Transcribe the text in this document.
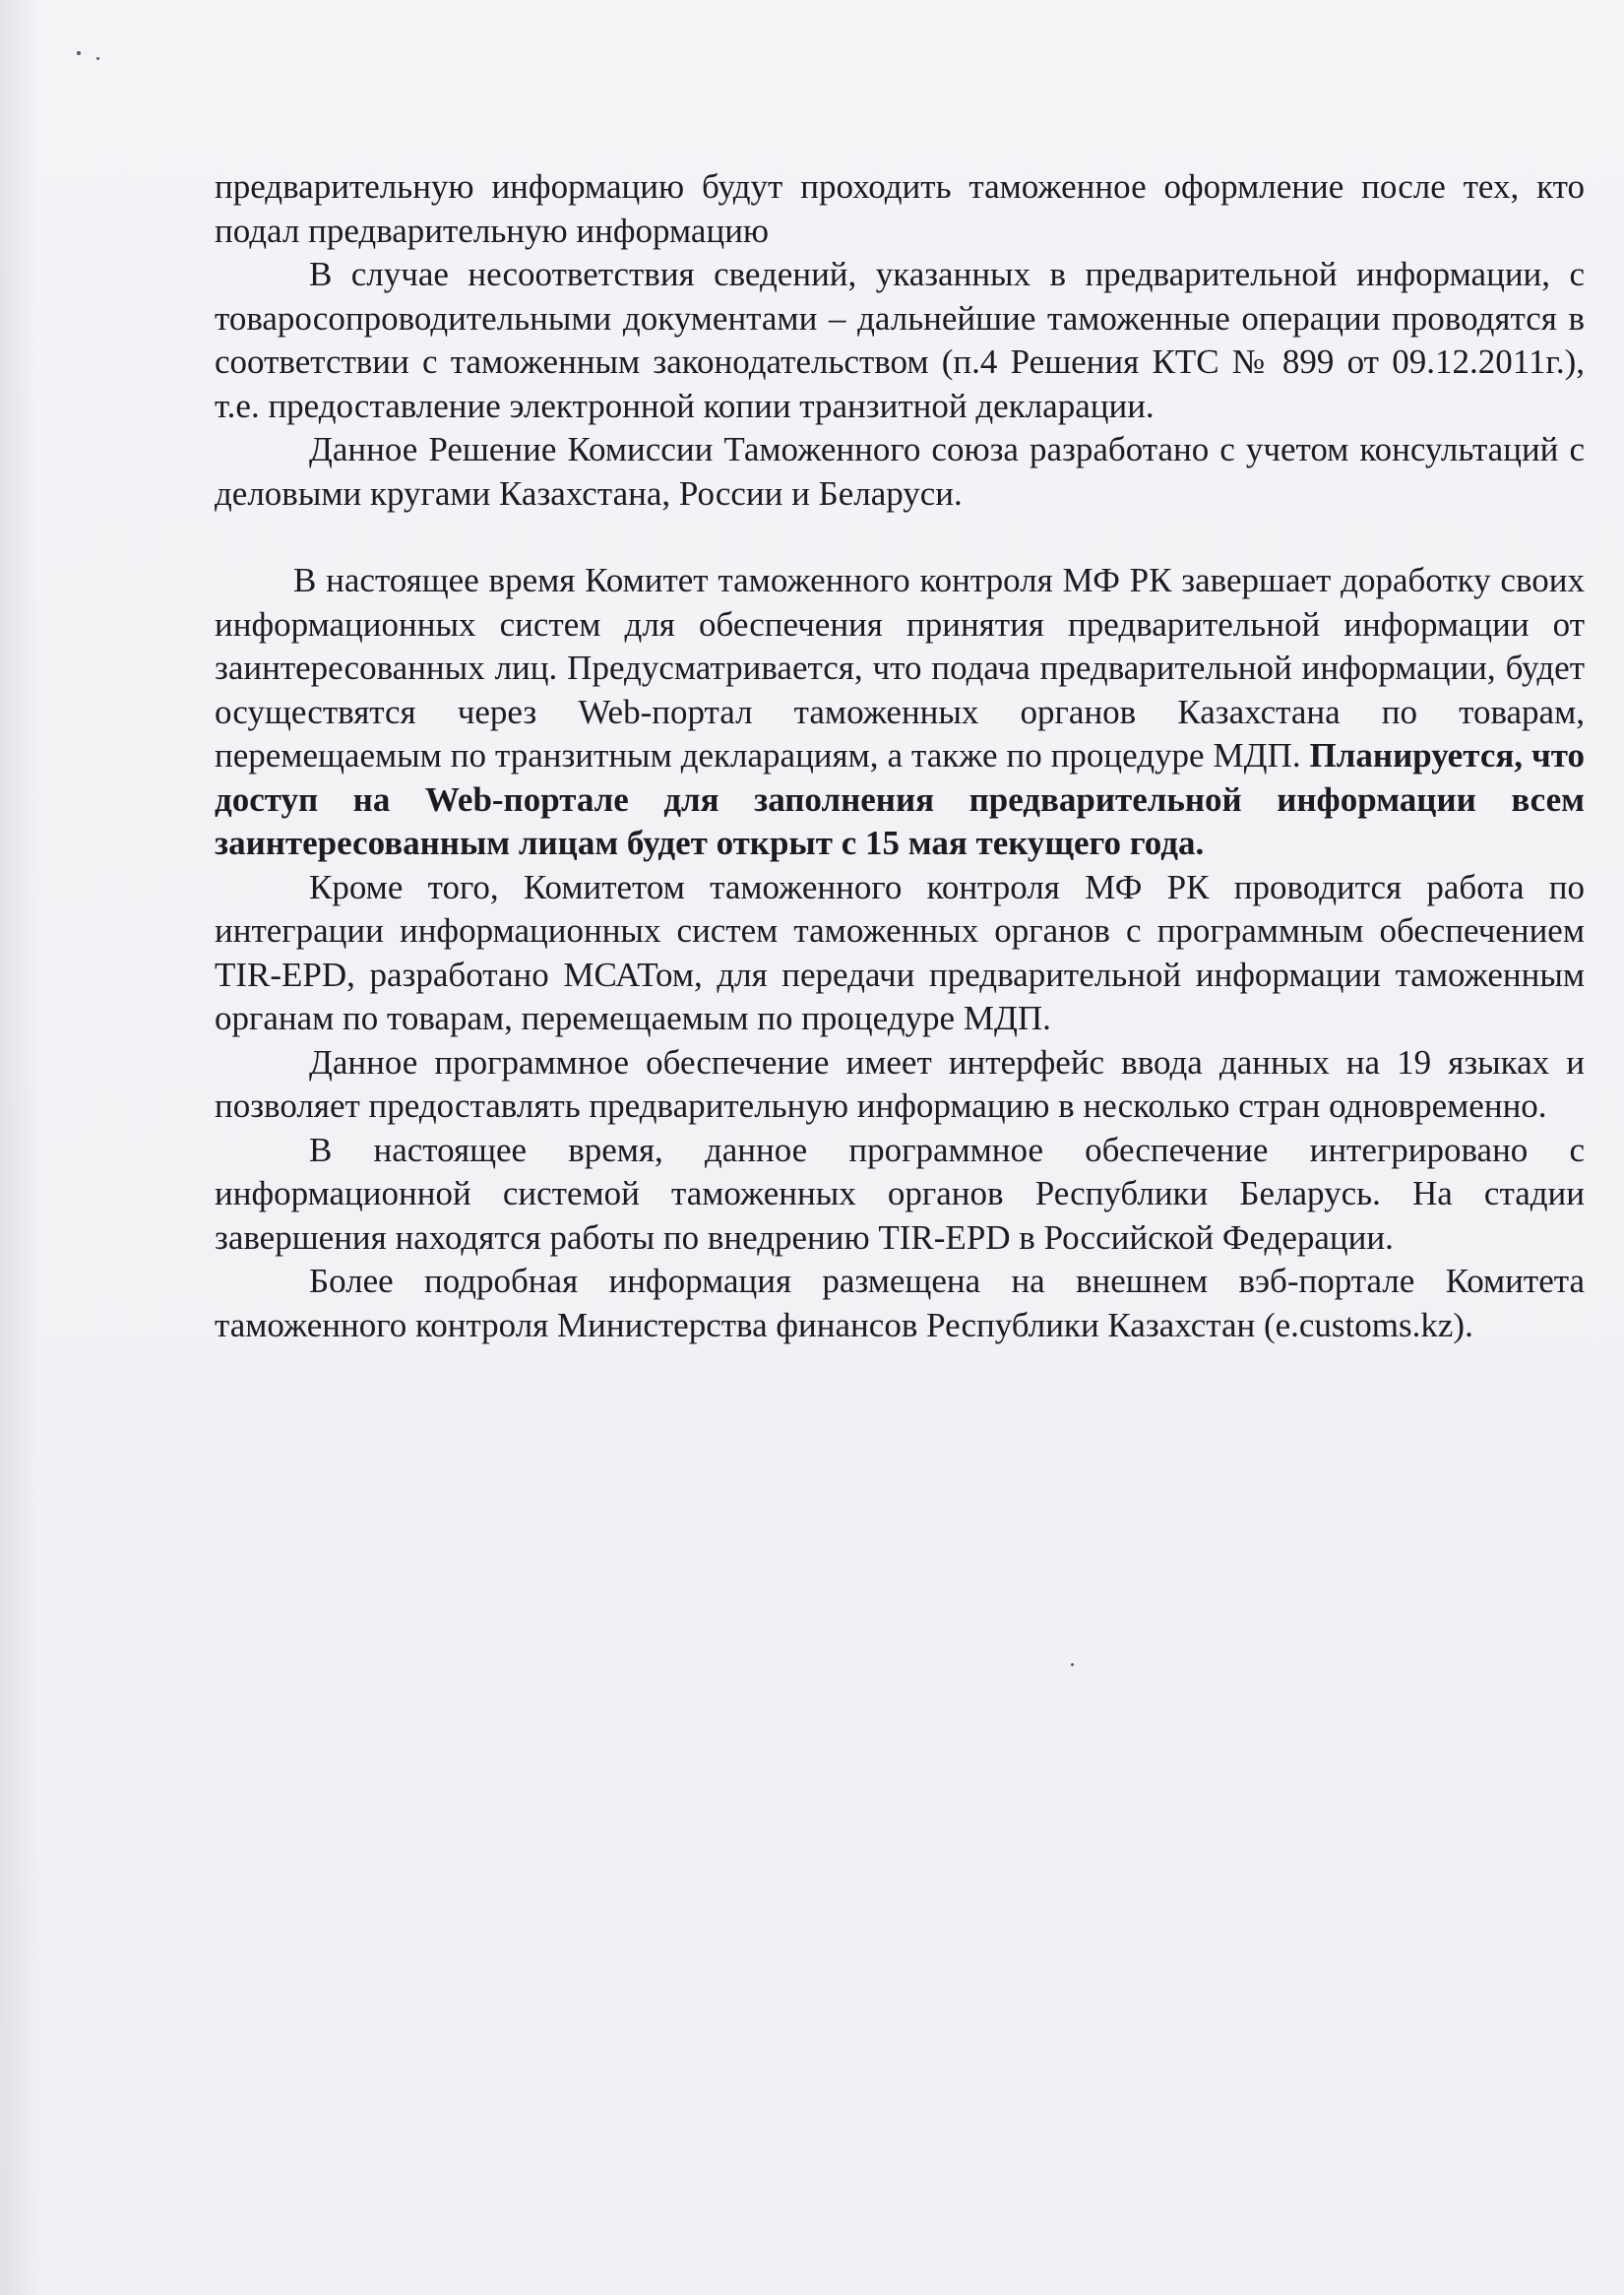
предварительную информацию будут проходить таможенное оформление после тех, кто подал предварительную информацию

В случае несоответствия сведений, указанных в предварительной информации, с товаросопроводительными документами – дальнейшие таможенные операции проводятся в соответствии с таможенным законодательством (п.4 Решения КТС № 899 от 09.12.2011г.), т.е. предоставление электронной копии транзитной декларации.

Данное Решение Комиссии Таможенного союза разработано с учетом консультаций с деловыми кругами Казахстана, России и Беларуси.

В настоящее время Комитет таможенного контроля МФ РК завершает доработку своих информационных систем для обеспечения принятия предварительной информации от заинтересованных лиц. Предусматривается, что подача предварительной информации, будет осуществятся через Web-портал таможенных органов Казахстана по товарам, перемещаемым по транзитным декларациям, а также по процедуре МДП. Планируется, что доступ на Web-портале для заполнения предварительной информации всем заинтересованным лицам будет открыт с 15 мая текущего года.

Кроме того, Комитетом таможенного контроля МФ РК проводится работа по интеграции информационных систем таможенных органов с программным обеспечением TIR-EPD, разработано МСАТом, для передачи предварительной информации таможенным органам по товарам, перемещаемым по процедуре МДП.

Данное программное обеспечение имеет интерфейс ввода данных на 19 языках и позволяет предоставлять предварительную информацию в несколько стран одновременно.

В настоящее время, данное программное обеспечение интегрировано с информационной системой таможенных органов Республики Беларусь. На стадии завершения находятся работы по внедрению TIR-EPD в Российской Федерации.

Более подробная информация размещена на внешнем вэб-портале Комитета таможенного контроля Министерства финансов Республики Казахстан (e.customs.kz).
